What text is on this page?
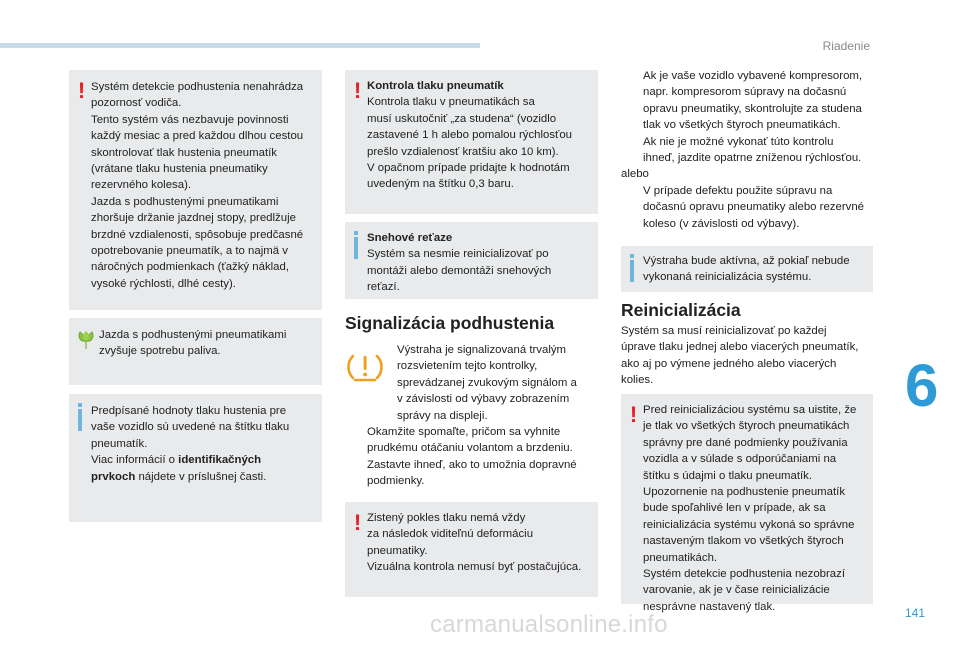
Riadenie
6
141
! Systém detekcie podhustenia nenahrádza
pozornosť vodiča.
Tento systém vás nezbavuje povinnosti
každý mesiac a pred každou dlhou cestou
skontrolovať tlak hustenia pneumatík
(vrátane tlaku hustenia pneumatiky
rezervného kolesa).
Jazda s podhustenými pneumatikami
zhoršuje držanie jazdnej stopy, predlžuje
brzdné vzdialenosti, spôsobuje predčasné
opotrebovanie pneumatík, a to najmä v
náročných podmienkach (ťažký náklad,
vysoké rýchlosti, dlhé cesty).
Jazda s podhustenými pneumatikami
zvyšuje spotrebu paliva.
Predpísané hodnoty tlaku hustenia pre
vaše vozidlo sú uvedené na štítku tlaku
pneumatík.
Viac informácií o identifikačných
prvkoch nájdete v príslušnej časti.
! Kontrola tlaku pneumatík
Kontrola tlaku v pneumatikách sa
musí uskutočniť „za studena“ (vozidlo
zastavené 1 h alebo pomalou rýchlosťou
prešlo vzdialenosť kratšiu ako 10 km).
V opačnom prípade pridajte k hodnotám
uvedeným na štítku 0,3 baru.
Snehové reťaze
Systém sa nesmie reinicializovať po
montáži alebo demontáži snehových
reťazí.
Signalizácia podhustenia
Výstraha je signalizovaná trvalým
rozsvietením tejto kontrolky,
sprevádzanej zvukovým signálom a
v závislosti od výbavy zobrazením
správy na displeji.
Okamžite spomaľte, pričom sa vyhnite
prudkému otáčaniu volantom a brzdeniu.
Zastavte ihneď, ako to umožnia dopravné
podmienky.
! Zistený pokles tlaku nemá vždy
za následok viditeľnú deformáciu
pneumatiky.
Vizuálna kontrola nemusí byť postačujúca.
Ak je vaše vozidlo vybavené kompresorom,
napr. kompresorom súpravy na dočasnú
opravu pneumatiky, skontrolujte za studena
tlak vo všetkých štyroch pneumatikách.
Ak nie je možné vykonať túto kontrolu
ihneď, jazdite opatrne zníženou rýchlosťou.
alebo
V prípade defektu použite súpravu na
dočasnú opravu pneumatiky alebo rezervné
koleso (v závislosti od výbavy).
Výstraha bude aktívna, až pokiaľ nebude
vykonaná reinicializácia systému.
Reinicializácia
Systém sa musí reinicializovať po každej
úprave tlaku jednej alebo viacerých pneumatík,
ako aj po výmene jedného alebo viacerých
kolies.
! Pred reinicializáciou systému sa uistite, že
je tlak vo všetkých štyroch pneumatikách
správny pre dané podmienky používania
vozidla a v súlade s odporúčaniami na
štítku s údajmi o tlaku pneumatík.
Upozornenie na podhustenie pneumatík
bude spoľahlivé len v prípade, ak sa
reinicializácia systému vykoná so správne
nastaveným tlakom vo všetkých štyroch
pneumatikách.
Systém detekcie podhustenia nezobrazí
varovanie, ak je v čase reinicializácie
nesprávne nastavený tlak.
carmanualsonline.info
